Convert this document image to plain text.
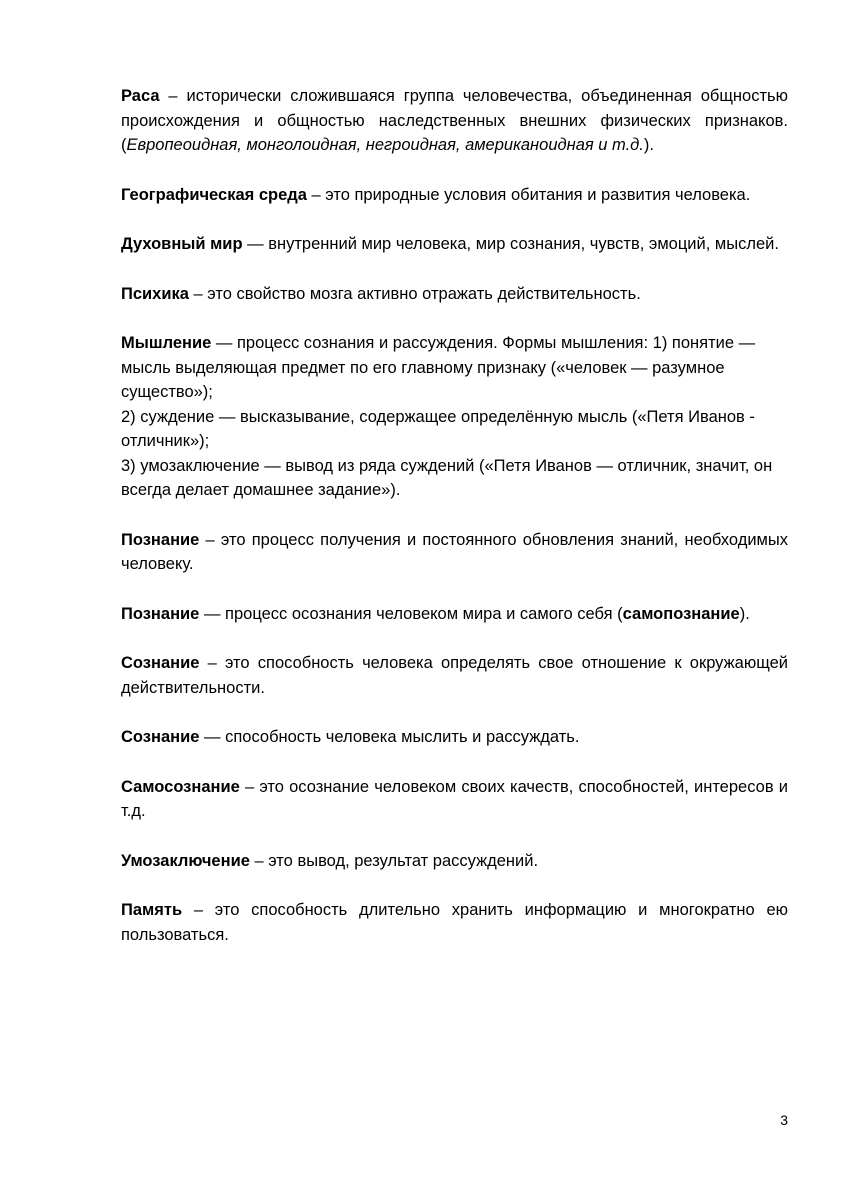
Раса – исторически сложившаяся группа человечества, объединенная общностью происхождения и общностью наследственных внешних физических признаков. (Европеоидная, монголоидная, негроидная, американоидная и т.д.).

Географическая среда – это природные условия обитания и развития человека.

Духовный мир — внутренний мир человека, мир сознания, чувств, эмоций, мыслей.

Психика – это свойство мозга активно отражать действительность.

Мышление — процесс сознания и рассуждения. Формы мышления: 1) понятие — мысль выделяющая предмет по его главному признаку («человек — разумное существо»);
2) суждение — высказывание, содержащее определённую мысль («Петя Иванов - отличник»);
3) умозаключение — вывод из ряда суждений («Петя Иванов — отличник, значит, он всегда делает домашнее задание»).

Познание – это процесс получения и постоянного обновления знаний, необходимых человеку.

Познание — процесс осознания человеком мира и самого себя (самопознание).

Сознание – это способность человека определять свое отношение к окружающей действительности.

Сознание — способность человека мыслить и рассуждать.

Самосознание – это осознание человеком своих качеств, способностей, интересов и т.д.

Умозаключение – это вывод, результат рассуждений.

Память – это способность длительно хранить информацию и многократно ею пользоваться.

3
